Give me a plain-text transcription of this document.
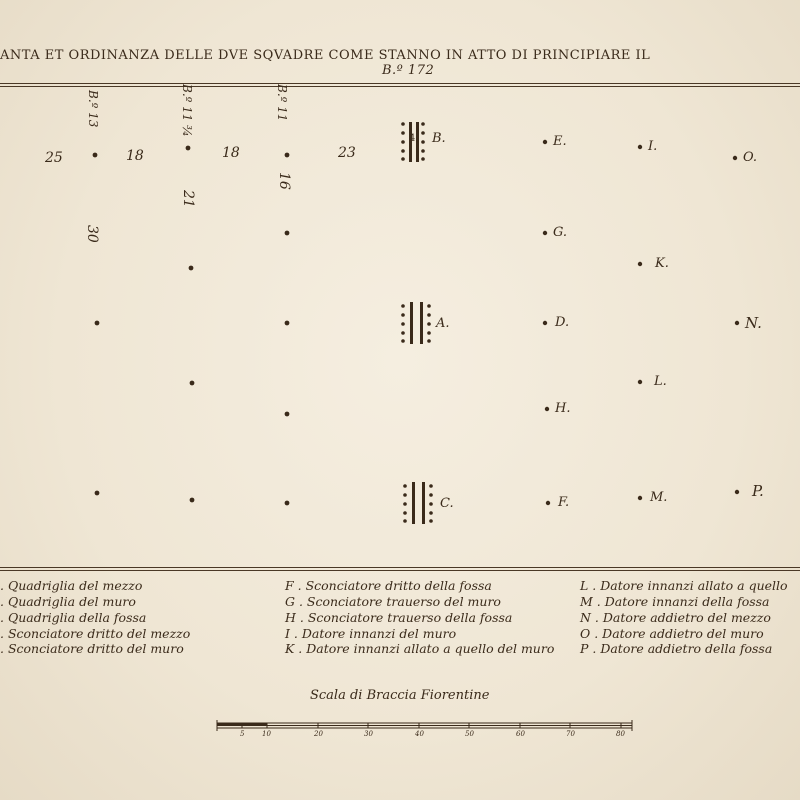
ANTA ET ORDINANZA DELLE DVE SQVADRE COME STANNO IN ATTO DI PRINCIPIARE IL
B.º 172
B.º 13	B.º 11 ¾	B.º 11
25	18	18	23
21
16
30
4 B.
A.
C.
E.	I.
O.
G.
K.
D.	N.
L.
H.
F.	M.	P.
. Quadriglia del mezzo
. Quadriglia del muro
. Quadriglia della fossa
. Sconciatore dritto del mezzo
. Sconciatore dritto del muro
F . Sconciatore dritto della fossa
G . Sconciatore trauerso del muro
H . Sconciatore trauerso della fossa
I . Datore innanzi del muro
K . Datore innanzi allato a quello del muro
L . Datore innanzi allato a quello
M . Datore innanzi della fossa
N . Datore addietro del mezzo
O . Datore addietro del muro
P . Datore addietro della fossa
Scala di Braccia Fiorentine
5	10	20	30	40	50	60	70	80
